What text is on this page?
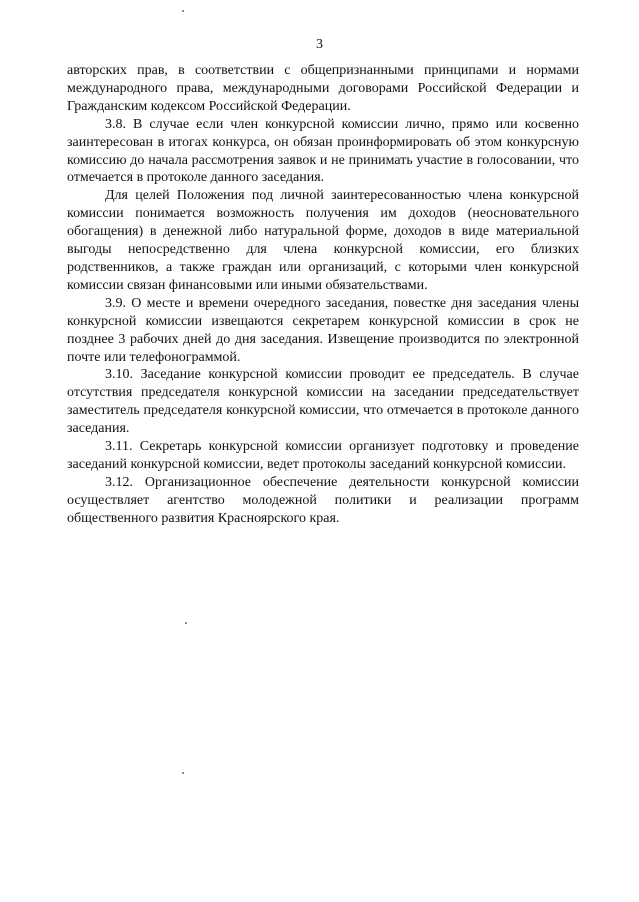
3

авторских прав, в соответствии с общепризнанными принципами и нормами международного права, международными договорами Российской Федерации и Гражданским кодексом Российской Федерации.

3.8. В случае если член конкурсной комиссии лично, прямо или косвенно заинтересован в итогах конкурса, он обязан проинформировать об этом конкурсную комиссию до начала рассмотрения заявок и не принимать участие в голосовании, что отмечается в протоколе данного заседания.

Для целей Положения под личной заинтересованностью члена конкурсной комиссии понимается возможность получения им доходов (неосновательного обогащения) в денежной либо натуральной форме, доходов в виде материальной выгоды непосредственно для члена конкурсной комиссии, его близких родственников, а также граждан или организаций, с которыми член конкурсной комиссии связан финансовыми или иными обязательствами.

3.9. О месте и времени очередного заседания, повестке дня заседания члены конкурсной комиссии извещаются секретарем конкурсной комиссии в срок не позднее 3 рабочих дней до дня заседания. Извещение производится по электронной почте или телефонограммой.

3.10. Заседание конкурсной комиссии проводит ее председатель. В случае отсутствия председателя конкурсной комиссии на заседании председательствует заместитель председателя конкурсной комиссии, что отмечается в протоколе данного заседания.

3.11. Секретарь конкурсной комиссии организует подготовку и проведение заседаний конкурсной комиссии, ведет протоколы заседаний конкурсной комиссии.

3.12. Организационное обеспечение деятельности конкурсной комиссии осуществляет агентство молодежной политики и реализации программ общественного развития Красноярского края.
